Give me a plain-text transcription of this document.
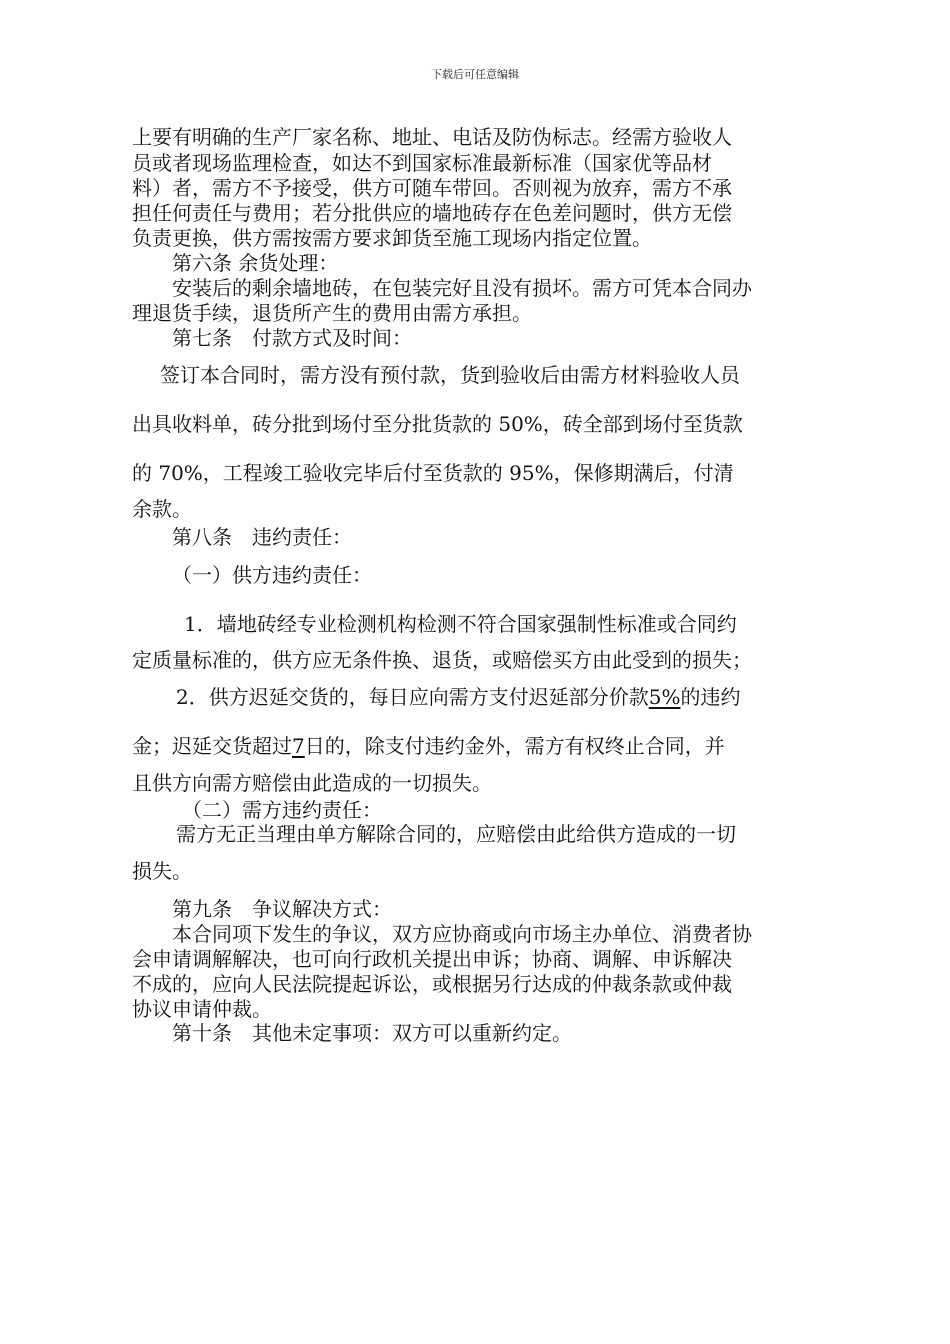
下载后可任意编辑
上要有明确的生产厂家名称、地址、电话及防伪标志。经需方验收人
员或者现场监理检查，如达不到国家标准最新标准（国家优等品材
料）者，需方不予接受，供方可随车带回。否则视为放弃，需方不承
担任何责任与费用；若分批供应的墙地砖存在色差问题时，供方无偿
负责更换，供方需按需方要求卸货至施工现场内指定位置。
第六条 余货处理：
安装后的剩余墙地砖，在包装完好且没有损坏。需方可凭本合同办
理退货手续，退货所产生的费用由需方承担。
第七条　付款方式及时间：
签订本合同时，需方没有预付款，货到验收后由需方材料验收人员
出具收料单，砖分批到场付至分批货款的 50%，砖全部到场付至货款
的 70%，工程竣工验收完毕后付至货款的 95%，保修期满后，付清
余款。
第八条　违约责任：
（一）供方违约责任：
1．墙地砖经专业检测机构检测不符合国家强制性标准或合同约
定质量标准的，供方应无条件换、退货，或赔偿买方由此受到的损失；
2．供方迟延交货的，每日应向需方支付迟延部分价款5%的违约
金；迟延交货超过7日的，除支付违约金外，需方有权终止合同，并
且供方向需方赔偿由此造成的一切损失。
（二）需方违约责任：
需方无正当理由单方解除合同的，应赔偿由此给供方造成的一切
损失。
第九条　争议解决方式：
本合同项下发生的争议，双方应协商或向市场主办单位、消费者协
会申请调解解决，也可向行政机关提出申诉；协商、调解、申诉解决
不成的，应向人民法院提起诉讼，或根据另行达成的仲裁条款或仲裁
协议申请仲裁。
第十条　其他未定事项：双方可以重新约定。
